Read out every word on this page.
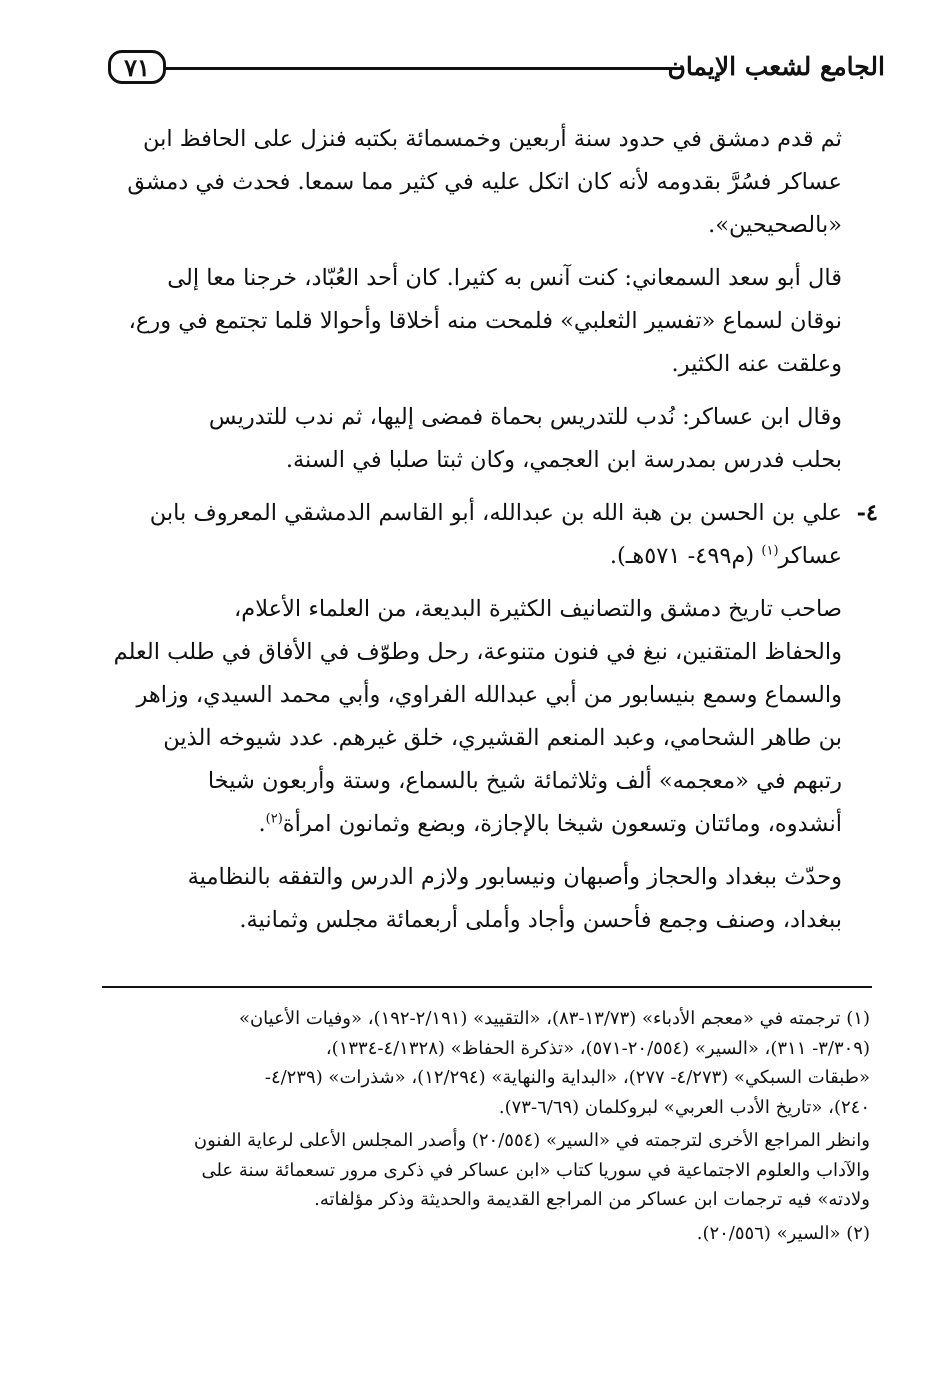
٧١	الجامع لشعب الإيمان

ثم قدم دمشق في حدود سنة أربعين وخمسمائة بكتبه فنزل على الحافظ ابن

عساكر فسُرَّ بقدومه لأنه كان اتكل عليه في كثير مما سمعا. فحدث في دمشق

«بالصحيحين».

قال أبو سعد السمعاني: كنت آنس به كثيرا. كان أحد العُبّاد، خرجنا معا إلى

نوقان لسماع «تفسير الثعلبي» فلمحت منه أخلاقا وأحوالا قلما تجتمع في ورع،

وعلقت عنه الكثير.

وقال ابن عساكر: نُدب للتدريس بحماة فمضى إليها، ثم ندب للتدريس

بحلب فدرس بمدرسة ابن العجمي، وكان ثبتا صلبا في السنة.

٤-

علي بن الحسن بن هبة الله بن عبدالله، أبو القاسم الدمشقي المعروف بابن

عساكر$^{(١)}$ (م٤٩٩- ٥٧١هـ).

صاحب تاريخ دمشق والتصانيف الكثيرة البديعة، من العلماء الأعلام،

والحفاظ المتقنين، نبغ في فنون متنوعة، رحل وطوّف في الأفاق في طلب العلم

والسماع وسمع بنيسابور من أبي عبدالله الفراوي، وأبي محمد السيدي، وزاهر

بن طاهر الشحامي، وعبد المنعم القشيري، خلق غيرهم. عدد شيوخه الذين

رتبهم في «معجمه» ألف وثلاثمائة شيخ بالسماع، وستة وأربعون شيخا

أنشدوه، ومائتان وتسعون شيخا بالإجازة، وبضع وثمانون امرأة$^{(٢)}$.

وحدّث ببغداد والحجاز وأصبهان ونيسابور ولازم الدرس والتفقه بالنظامية

ببغداد، وصنف وجمع فأحسن وأجاد وأملى أربعمائة مجلس وثمانية.

(١) ترجمته في «معجم الأدباء» (١٣/٧٣-٨٣)، «التقييد» (٢/١٩١-١٩٢)، «وفيات الأعيان»
(٣/٣٠٩- ٣١١)، «السير» (٢٠/٥٥٤-٥٧١)، «تذكرة الحفاظ» (٤/١٣٢٨-١٣٣٤)،
«طبقات السبكي» (٤/٢٧٣- ٢٧٧)، «البداية والنهاية» (١٢/٢٩٤)، «شذرات» (٤/٢٣٩-
٢٤٠)، «تاريخ الأدب العربي» لبروكلمان (٦/٦٩-٧٣).
وانظر المراجع الأخرى لترجمته في «السير» (٢٠/٥٥٤) وأصدر المجلس الأعلى لرعاية الفنون
والآداب والعلوم الاجتماعية في سوريا كتاب «ابن عساكر في ذكرى مرور تسعمائة سنة على
ولادته» فيه ترجمات ابن عساكر من المراجع القديمة والحديثة وذكر مؤلفاته.
(٢) «السير» (٢٠/٥٥٦).
